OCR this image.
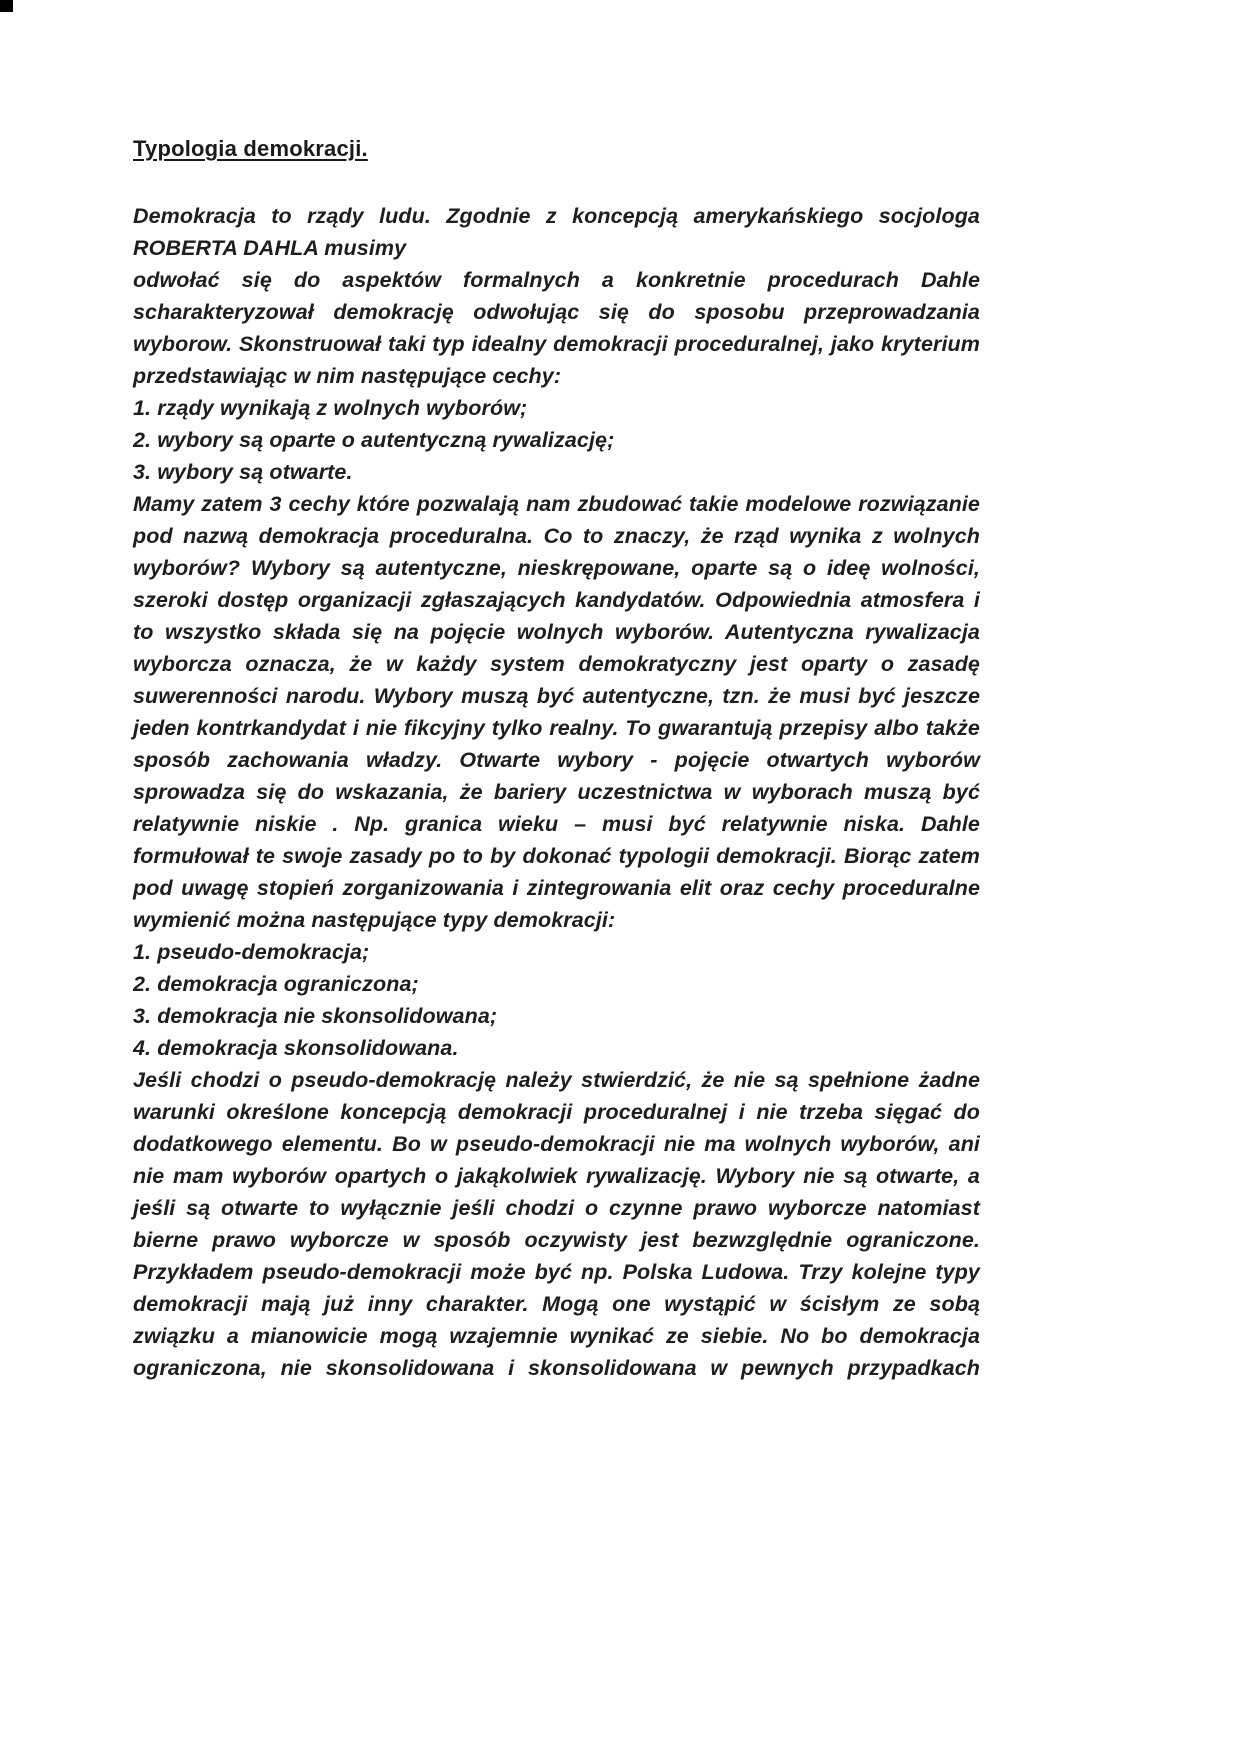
Typologia demokracji.

Demokracja to rządy ludu. Zgodnie z koncepcją amerykańskiego socjologa ROBERTA DAHLA musimy

odwołać się do aspektów formalnych a konkretnie procedurach Dahle scharakteryzował demokrację odwołując się do sposobu przeprowadzania wyborow. Skonstruował taki typ idealny demokracji proceduralnej, jako kryterium przedstawiając w nim następujące cechy:

1. rządy wynikają z wolnych wyborów;

2. wybory są oparte o autentyczną rywalizację;

3. wybory są otwarte.

Mamy zatem 3 cechy które pozwalają nam zbudować takie modelowe rozwiązanie pod nazwą demokracja proceduralna. Co to znaczy, że rząd wynika z wolnych wyborów? Wybory są autentyczne, nieskrępowane, oparte są o ideę wolności, szeroki dostęp organizacji zgłaszających kandydatów. Odpowiednia atmosfera i to wszystko składa się na pojęcie wolnych wyborów. Autentyczna rywalizacja wyborcza oznacza, że w każdy system demokratyczny jest oparty o zasadę suwerenności narodu. Wybory muszą być autentyczne, tzn. że musi być jeszcze jeden kontrkandydat i nie fikcyjny tylko realny. To gwarantują przepisy albo także sposób zachowania władzy. Otwarte wybory - pojęcie otwartych wyborów sprowadza się do wskazania, że bariery uczestnictwa w wyborach muszą być relatywnie niskie . Np. granica wieku – musi być relatywnie niska. Dahle formułował te swoje zasady po to by dokonać typologii demokracji. Biorąc zatem pod uwagę stopień zorganizowania i zintegrowania elit oraz cechy proceduralne wymienić można następujące typy demokracji:

1. pseudo-demokracja;

2. demokracja ograniczona;

3. demokracja nie skonsolidowana;

4. demokracja skonsolidowana.

Jeśli chodzi o pseudo-demokrację należy stwierdzić, że nie są spełnione żadne warunki określone koncepcją demokracji proceduralnej i nie trzeba sięgać do dodatkowego elementu. Bo w pseudo-demokracji nie ma wolnych wyborów, ani nie mam wyborów opartych o jakąkolwiek rywalizację. Wybory nie są otwarte, a jeśli są otwarte to wyłącznie jeśli chodzi o czynne prawo wyborcze natomiast bierne prawo wyborcze w sposób oczywisty jest bezwzględnie ograniczone. Przykładem pseudo-demokracji może być np. Polska Ludowa. Trzy kolejne typy demokracji mają już inny charakter. Mogą one wystąpić w ścisłym ze sobą związku a mianowicie mogą wzajemnie wynikać ze siebie. No bo demokracja ograniczona, nie skonsolidowana i skonsolidowana w pewnych przypadkach
